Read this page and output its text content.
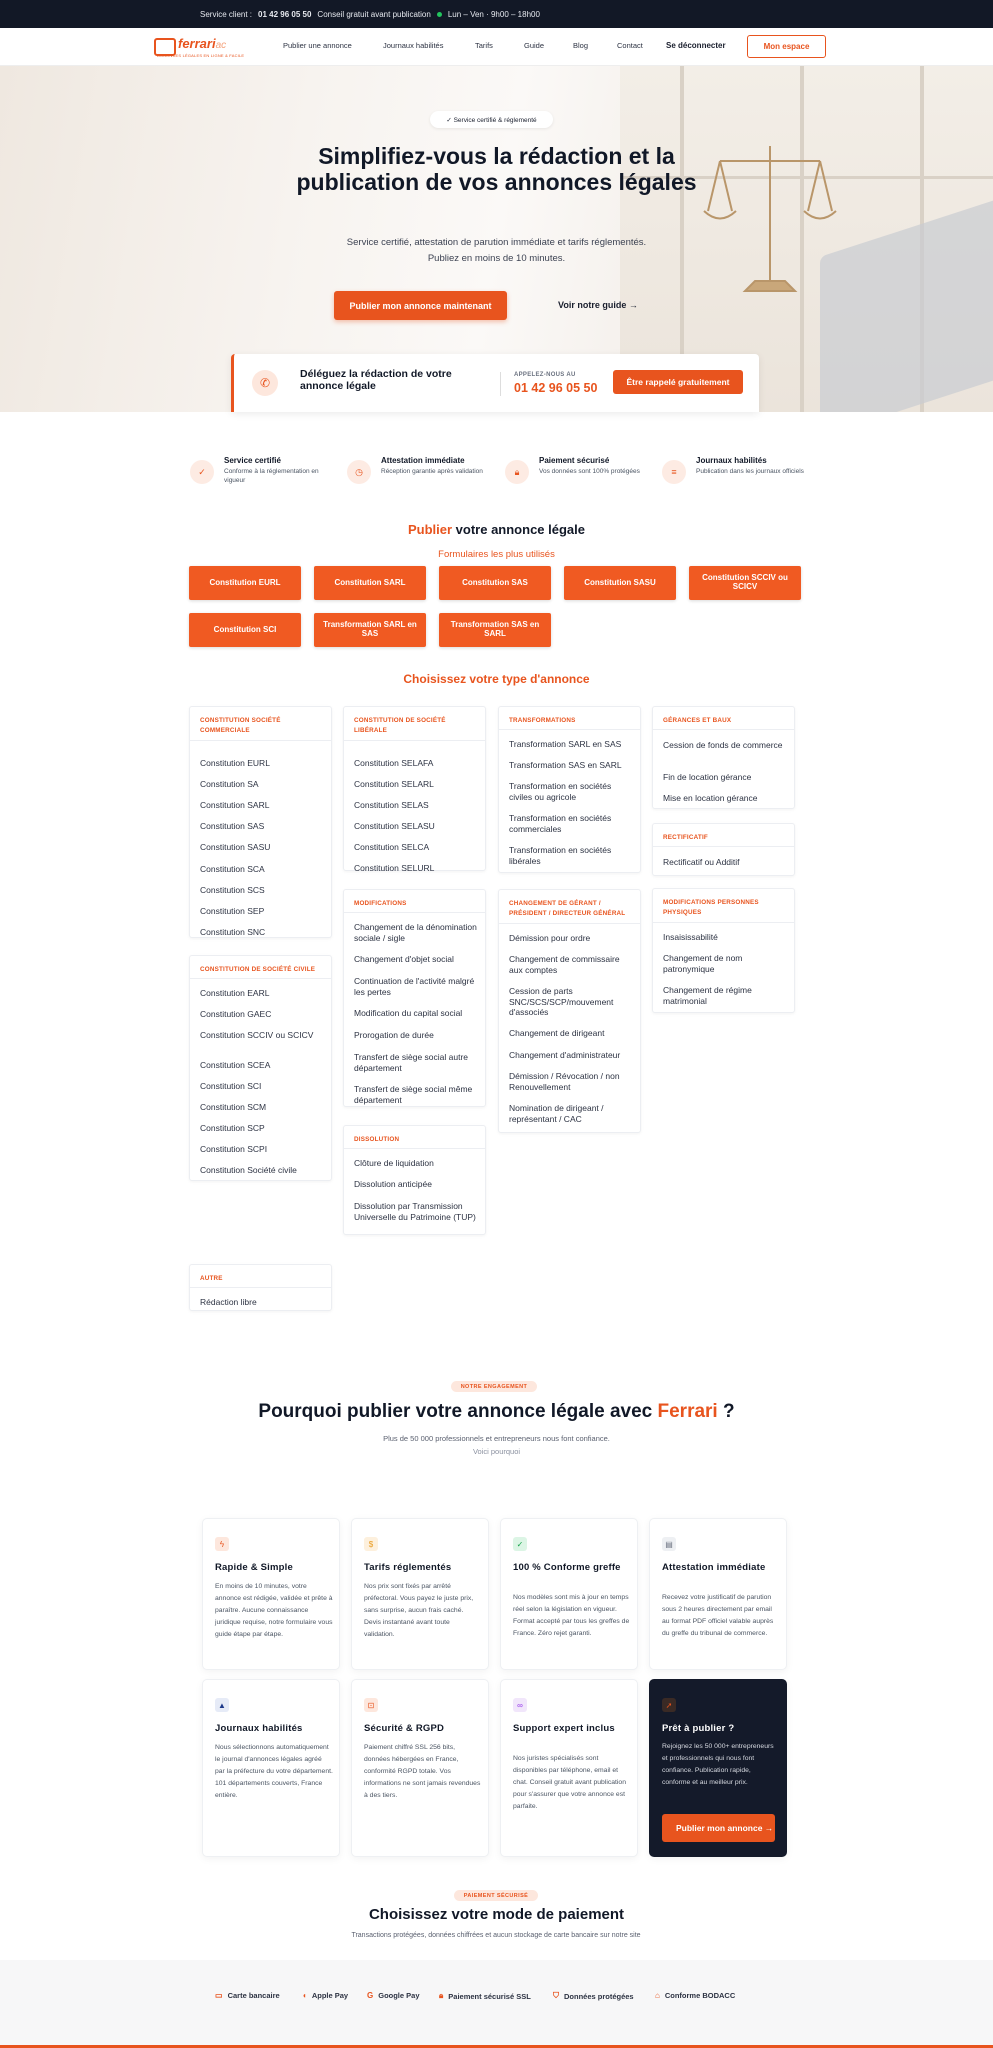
Service client : 01 42 96 05 50 Conseil gratuit avant publication Lun – Ven · 9h00 – 18h00
ferrariac
ANNONCES LÉGALES EN LIGNE & FACILE
Publier une annonce	Journaux habilités	Tarifs	Guide	Blog	Contact	Se déconnecter	Mon espace
✓ Service certifié & réglementé
Simplifiez-vous la rédaction et la publication de vos annonces légales
Service certifié, attestation de parution immédiate et tarifs réglementés.
Publiez en moins de 10 minutes.
Publier mon annonce maintenant	Voir notre guide →
✆
Déléguez la rédaction de votre annonce légale
APPELEZ-NOUS AU
01 42 96 05 50	Être rappelé gratuitement
✓
Service certifié
Conforme à la réglementation en vigueur
◷
Attestation immédiate
Réception garantie après validation	🔒︎
Paiement sécurisé
Vos données sont 100% protégées	≡
Journaux habilités
Publication dans les journaux officiels
Publier votre annonce légale
Formulaires les plus utilisés
Constitution EURL	Constitution SARL	Constitution SAS	Constitution SASU	Constitution SCCIV ou SCICV
Constitution SCI	Transformation SARL en SAS
Transformation SAS en SARL
Choisissez votre type d'annonce
CONSTITUTION SOCIÉTÉ COMMERCIALE
Constitution EURL
Constitution SA
Constitution SARL
Constitution SAS
Constitution SASU
Constitution SCA
Constitution SCS
Constitution SEP
Constitution SNC
CONSTITUTION DE SOCIÉTÉ CIVILE
Constitution EARL
Constitution GAEC
Constitution SCCIV ou SCICV
Constitution SCEA
Constitution SCI
Constitution SCM
Constitution SCP
Constitution SCPI
Constitution Société civile
AUTRE
Rédaction libre
CONSTITUTION DE SOCIÉTÉ LIBÉRALE
Constitution SELAFA
Constitution SELARL
Constitution SELAS
Constitution SELASU
Constitution SELCA
Constitution SELURL
MODIFICATIONS
Changement de la dénomination sociale / sigle
Changement d'objet social
Continuation de l'activité malgré les pertes
Modification du capital social
Prorogation de durée
Transfert de siège social autre département
Transfert de siège social même département
DISSOLUTION
Clôture de liquidation
Dissolution anticipée
Dissolution par Transmission Universelle du Patrimoine (TUP)
TRANSFORMATIONS
Transformation SARL en SAS
Transformation SAS en SARL
Transformation en sociétés civiles ou agricole
Transformation en sociétés commerciales
Transformation en sociétés libérales
CHANGEMENT DE GÉRANT / PRÉSIDENT / DIRECTEUR GÉNÉRAL
Démission pour ordre
Changement de commissaire aux comptes
Cession de parts SNC/SCS/SCP/mouvement d'associés
Changement de dirigeant
Changement d'administrateur
Démission / Révocation / non Renouvellement
Nomination de dirigeant / représentant / CAC
GÉRANCES ET BAUX
Cession de fonds de commerce
Fin de location gérance
Mise en location gérance
RECTIFICATIF
Rectificatif ou Additif
MODIFICATIONS PERSONNES PHYSIQUES
Insaisissabilité
Changement de nom patronymique
Changement de régime matrimonial
NOTRE ENGAGEMENT
Pourquoi publier votre annonce légale avec Ferrari ?
Plus de 50 000 professionnels et entrepreneurs nous font confiance.
Voici pourquoi
ϟ
Rapide & Simple
En moins de 10 minutes, votre annonce est rédigée, validée et prête à paraître. Aucune connaissance juridique requise, notre formulaire vous guide étape par étape.
$
Tarifs réglementés
Nos prix sont fixés par arrêté préfectoral. Vous payez le juste prix, sans surprise, aucun frais caché. Devis instantané avant toute validation.
✓
100 % Conforme greffe
Nos modèles sont mis à jour en temps réel selon la législation en vigueur. Format accepté par tous les greffes de France. Zéro rejet garanti.
▤
Attestation immédiate
Recevez votre justificatif de parution sous 2 heures directement par email au format PDF officiel valable auprès du greffe du tribunal de commerce.
▲
Journaux habilités
Nous sélectionnons automatiquement le journal d'annonces légales agréé par la préfecture du votre département. 101 départements couverts, France entière.
⊡
Sécurité & RGPD
Paiement chiffré SSL 256 bits, données hébergées en France, conformité RGPD totale. Vos informations ne sont jamais revendues à des tiers.
∞
Support expert inclus
Nos juristes spécialisés sont disponibles par téléphone, email et chat. Conseil gratuit avant publication pour s'assurer que votre annonce est parfaite.
➚
Prêt à publier ?
Rejoignez les 50 000+ entrepreneurs et professionnels qui nous font confiance. Publication rapide, conforme et au meilleur prix.
Publier mon annonce →
PAIEMENT SÉCURISÉ
Choisissez votre mode de paiement
Transactions protégées, données chiffrées et aucun stockage de carte bancaire sur notre site
▭ Carte bancaire	◖ Apple Pay G Google Pay 🔒︎ Paiement sécurisé SSL	⛉ Données protégées	⌂ Conforme BODACC
